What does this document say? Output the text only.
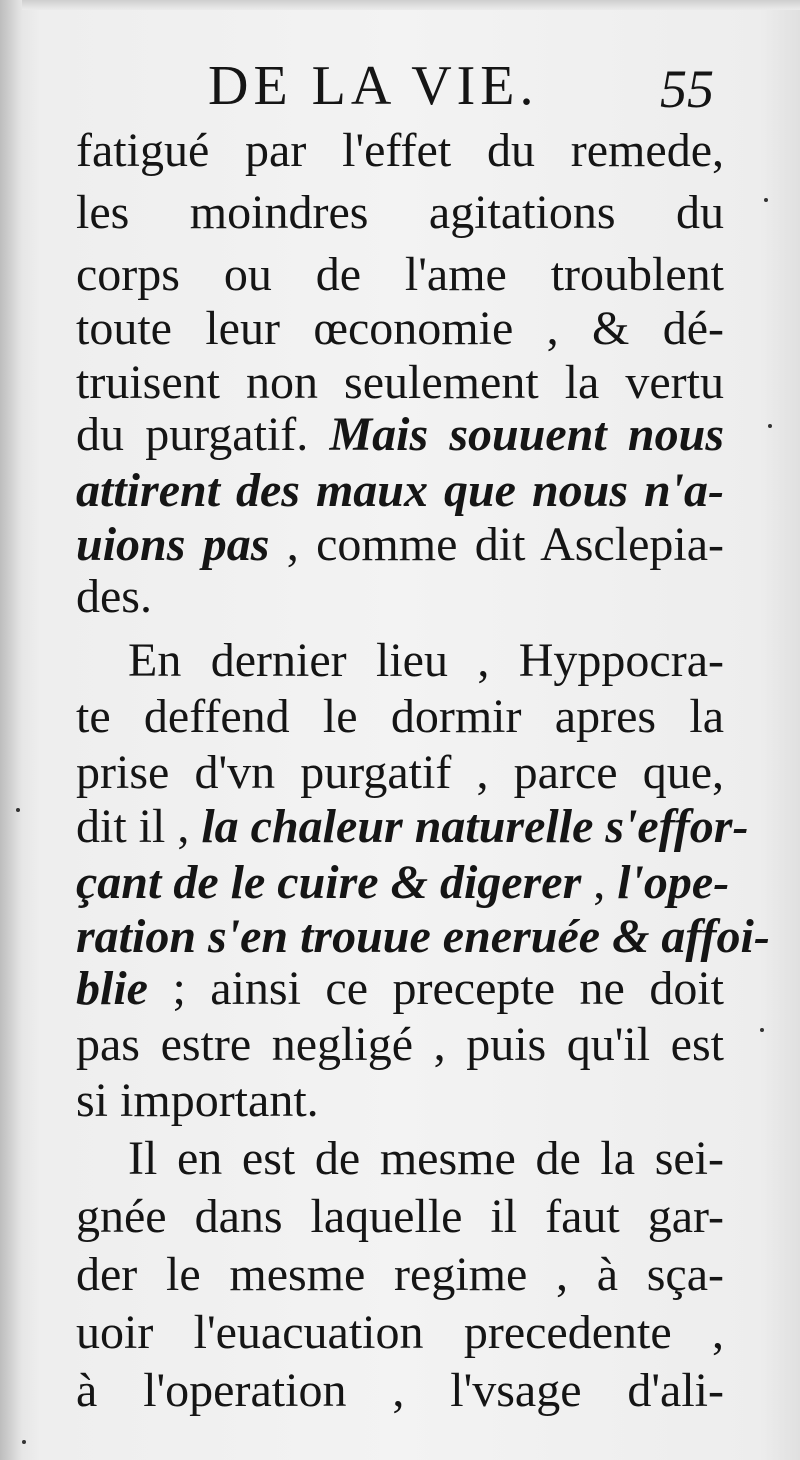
DE LA VIE. 55
fatigué par l'effet du remede,
les moindres agitations du
corps ou de l'ame troublent
toute leur œconomie , & dé-
truisent non seulement la vertu
du purgatif. Mais souuent nous
attirent des maux que nous n'a-
uions pas , comme dit Asclepia-
des.
En dernier lieu , Hyppocra-
te deffend le dormir apres la
prise d'vn purgatif , parce que,
dit il , la chaleur naturelle s'effor-
çant de le cuire & digerer , l'ope-
ration s'en trouue eneruée & affoi-
blie ; ainsi ce precepte ne doit
pas estre negligé , puis qu'il est
si important.
Il en est de mesme de la sei-
gnée dans laquelle il faut gar-
der le mesme regime , à sça-
uoir l'euacuation precedente ,
à l'operation , l'vsage d'ali-
